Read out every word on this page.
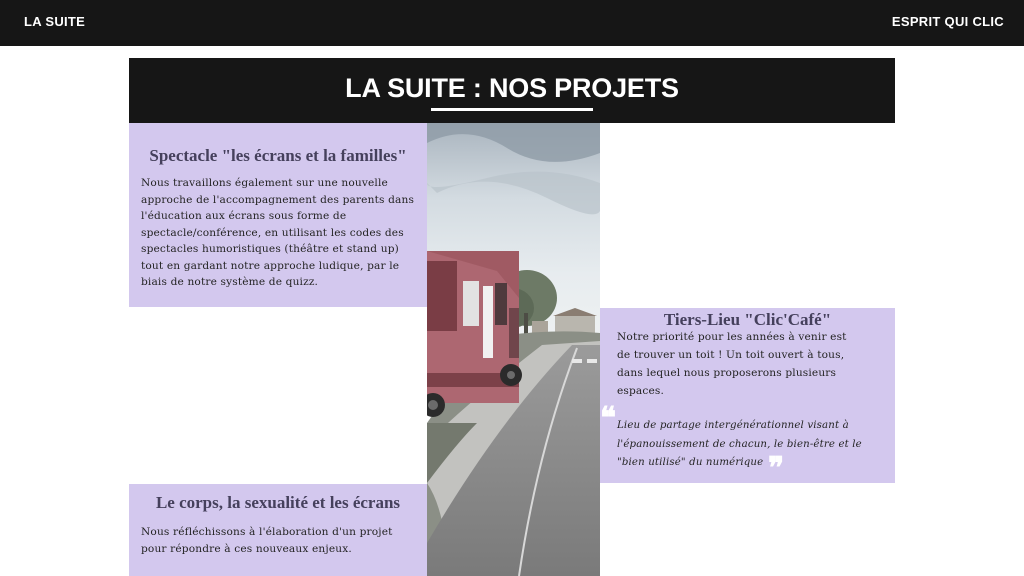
LA SUITE	ESPRIT QUI CLIC
LA SUITE : NOS PROJETS
Spectacle "les écrans et la familles"
Nous travaillons également sur une nouvelle
approche de l'accompagnement des parents dans
l'éducation aux écrans sous forme de
spectacle/conférence, en utilisant les codes des
spectacles humoristiques (théâtre et stand up)
tout en gardant notre approche ludique, par le
biais de notre système de quizz.
Tiers-Lieu "Clic'Café"
Notre priorité pour les années à venir est
de trouver un toit ! Un toit ouvert à tous,
dans lequel nous proposerons plusieurs
espaces.
❝ Lieu de partage intergénérationnel visant à
l'épanouissement de chacun, le bien-être et le
"bien utilisé" du numérique ❞
Le corps, la sexualité et les écrans
Nous réfléchissons à l'élaboration d'un projet
pour répondre à ces nouveaux enjeux.
